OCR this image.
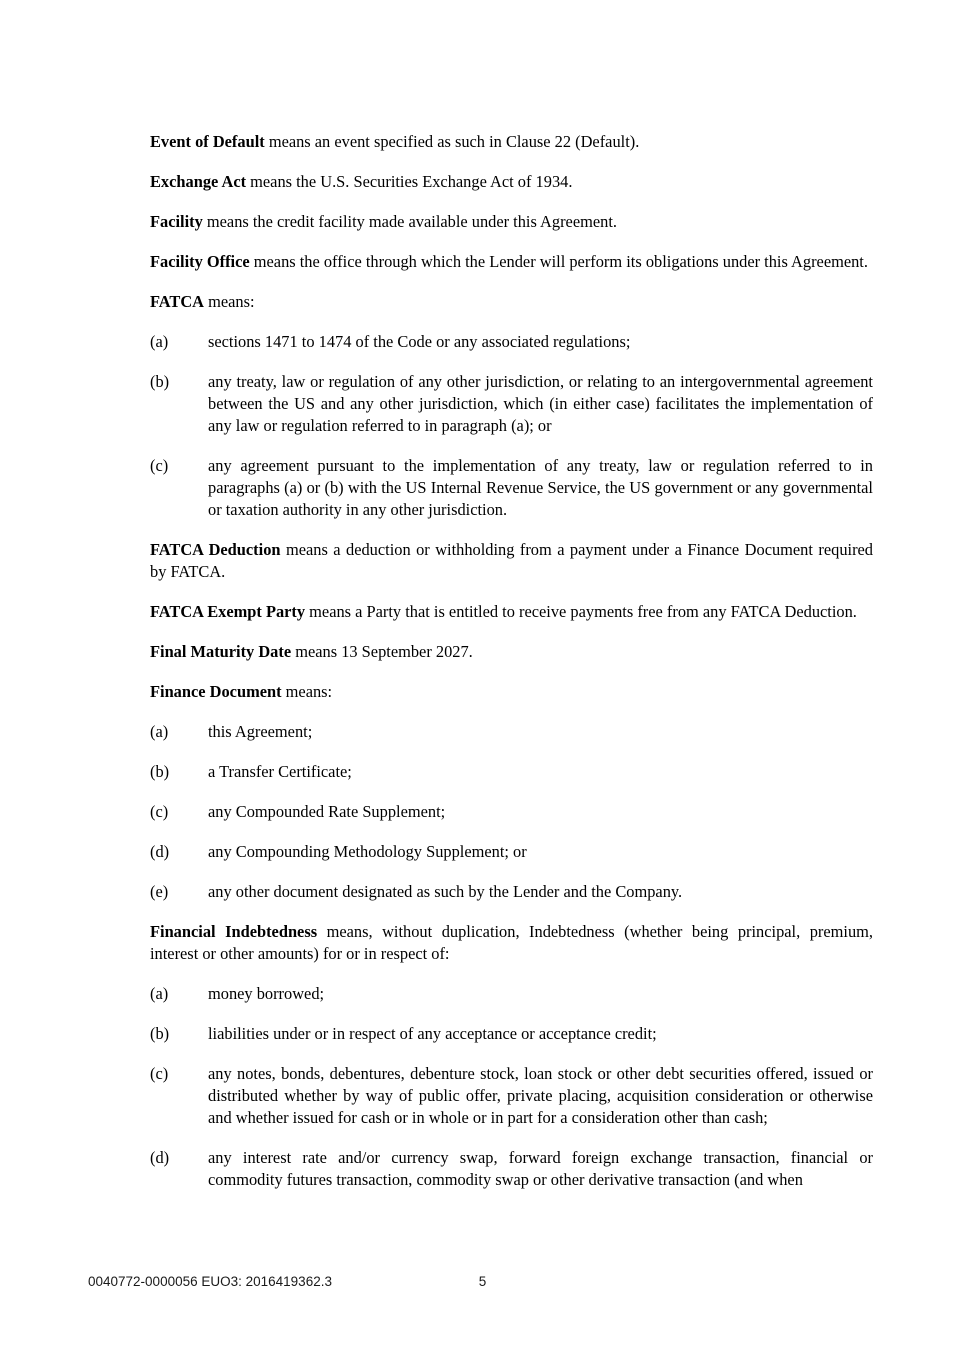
Event of Default means an event specified as such in Clause 22 (Default).

Exchange Act means the U.S. Securities Exchange Act of 1934.

Facility means the credit facility made available under this Agreement.

Facility Office means the office through which the Lender will perform its obligations under this Agreement.

FATCA means:

(a)	sections 1471 to 1474 of the Code or any associated regulations;
(b)	any treaty, law or regulation of any other jurisdiction, or relating to an intergovernmental agreement between the US and any other jurisdiction, which (in either case) facilitates the implementation of any law or regulation referred to in paragraph (a); or
(c)	any agreement pursuant to the implementation of any treaty, law or regulation referred to in paragraphs (a) or (b) with the US Internal Revenue Service, the US government or any governmental or taxation authority in any other jurisdiction.

FATCA Deduction means a deduction or withholding from a payment under a Finance Document required by FATCA.

FATCA Exempt Party means a Party that is entitled to receive payments free from any FATCA Deduction.

Final Maturity Date means 13 September 2027.

Finance Document means:

(a)	this Agreement;
(b)	a Transfer Certificate;
(c)	any Compounded Rate Supplement;
(d)	any Compounding Methodology Supplement; or
(e)	any other document designated as such by the Lender and the Company.

Financial Indebtedness means, without duplication, Indebtedness (whether being principal, premium, interest or other amounts) for or in respect of:

(a)	money borrowed;
(b)	liabilities under or in respect of any acceptance or acceptance credit;
(c)	any notes, bonds, debentures, debenture stock, loan stock or other debt securities offered, issued or distributed whether by way of public offer, private placing, acquisition consideration or otherwise and whether issued for cash or in whole or in part for a consideration other than cash;
(d)	any interest rate and/or currency swap, forward foreign exchange transaction, financial or commodity futures transaction, commodity swap or other derivative transaction (and when
0040772-0000056 EUO3: 2016419362.3	5
